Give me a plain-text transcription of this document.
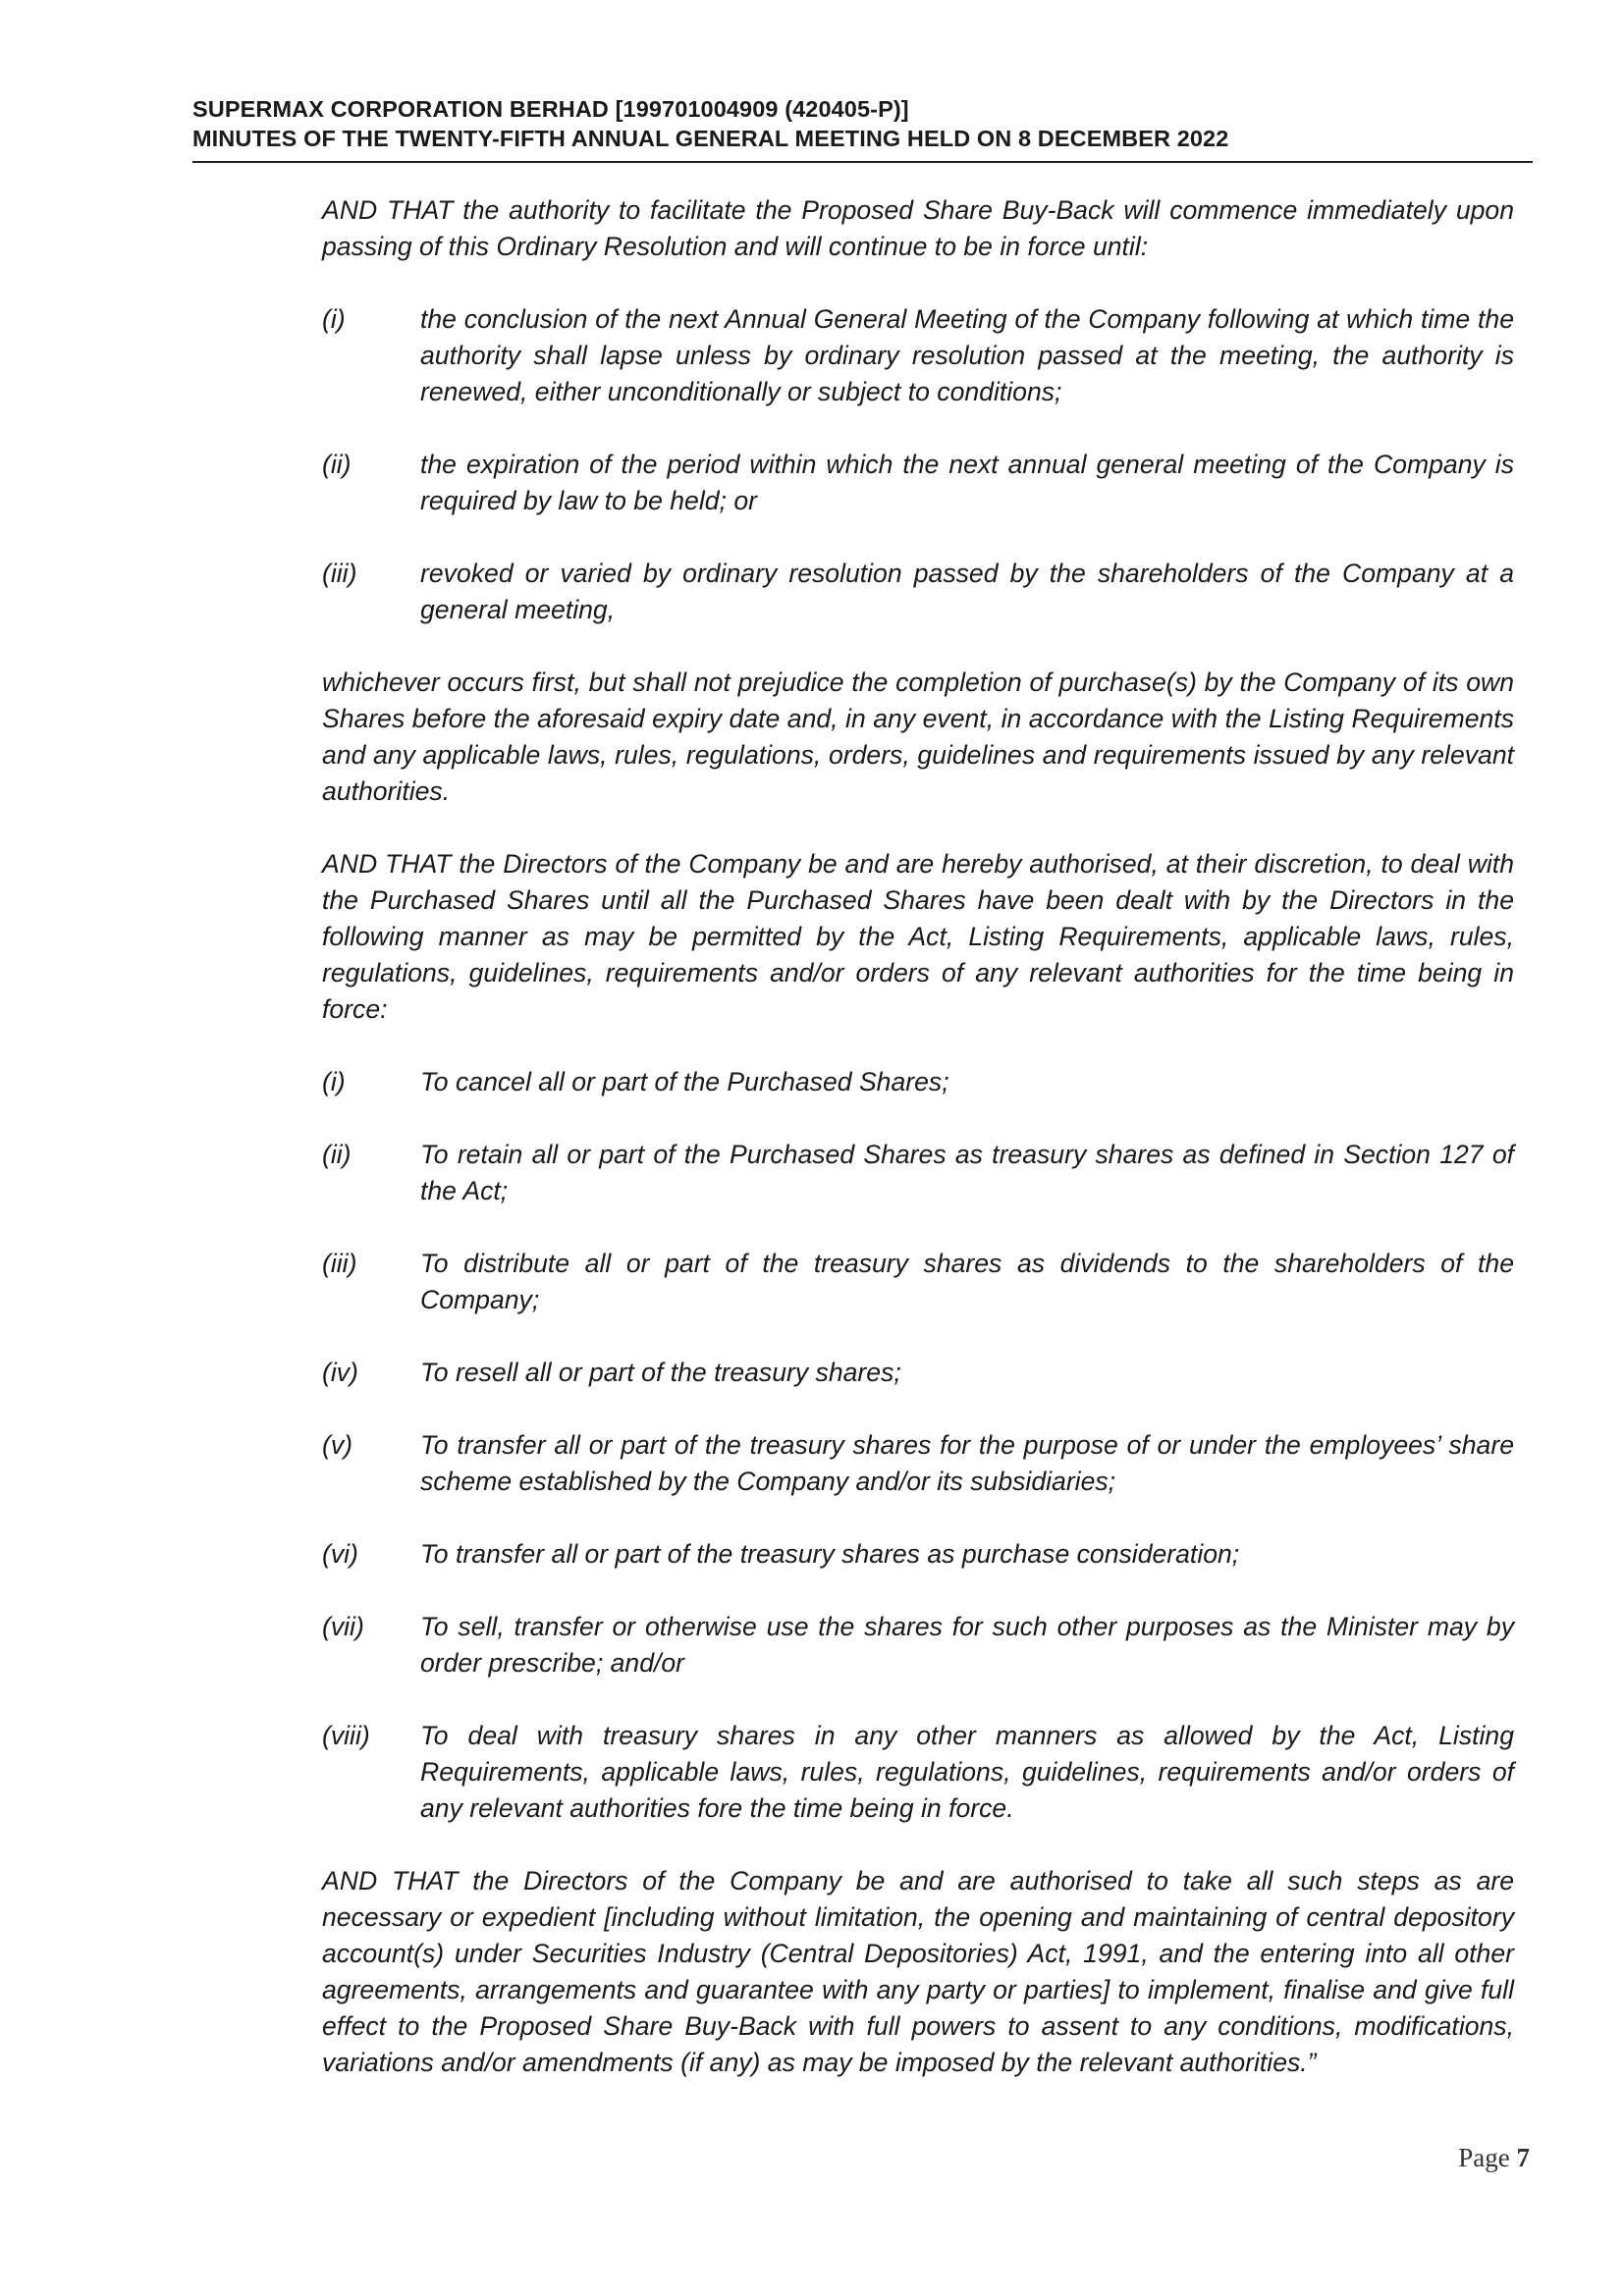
SUPERMAX CORPORATION BERHAD [199701004909 (420405-P)]
MINUTES OF THE TWENTY-FIFTH ANNUAL GENERAL MEETING HELD ON 8 DECEMBER 2022

AND THAT the authority to facilitate the Proposed Share Buy-Back will commence immediately upon passing of this Ordinary Resolution and will continue to be in force until:

(i)	the conclusion of the next Annual General Meeting of the Company following at which time the authority shall lapse unless by ordinary resolution passed at the meeting, the authority is renewed, either unconditionally or subject to conditions;
(ii)	the expiration of the period within which the next annual general meeting of the Company is required by law to be held; or
(iii)	revoked or varied by ordinary resolution passed by the shareholders of the Company at a general meeting,

whichever occurs first, but shall not prejudice the completion of purchase(s) by the Company of its own Shares before the aforesaid expiry date and, in any event, in accordance with the Listing Requirements and any applicable laws, rules, regulations, orders, guidelines and requirements issued by any relevant authorities.

AND THAT the Directors of the Company be and are hereby authorised, at their discretion, to deal with the Purchased Shares until all the Purchased Shares have been dealt with by the Directors in the following manner as may be permitted by the Act, Listing Requirements, applicable laws, rules, regulations, guidelines, requirements and/or orders of any relevant authorities for the time being in force:

(i)	To cancel all or part of the Purchased Shares;
(ii)	To retain all or part of the Purchased Shares as treasury shares as defined in Section 127 of the Act;
(iii)	To distribute all or part of the treasury shares as dividends to the shareholders of the Company;
(iv)	To resell all or part of the treasury shares;
(v)	To transfer all or part of the treasury shares for the purpose of or under the employees’ share scheme established by the Company and/or its subsidiaries;
(vi)	To transfer all or part of the treasury shares as purchase consideration;
(vii)	To sell, transfer or otherwise use the shares for such other purposes as the Minister may by order prescribe; and/or
(viii)	To deal with treasury shares in any other manners as allowed by the Act, Listing Requirements, applicable laws, rules, regulations, guidelines, requirements and/or orders of any relevant authorities fore the time being in force.

AND THAT the Directors of the Company be and are authorised to take all such steps as are necessary or expedient [including without limitation, the opening and maintaining of central depository account(s) under Securities Industry (Central Depositories) Act, 1991, and the entering into all other agreements, arrangements and guarantee with any party or parties] to implement, finalise and give full effect to the Proposed Share Buy-Back with full powers to assent to any conditions, modifications, variations and/or amendments (if any) as may be imposed by the relevant authorities.”

Page 7
